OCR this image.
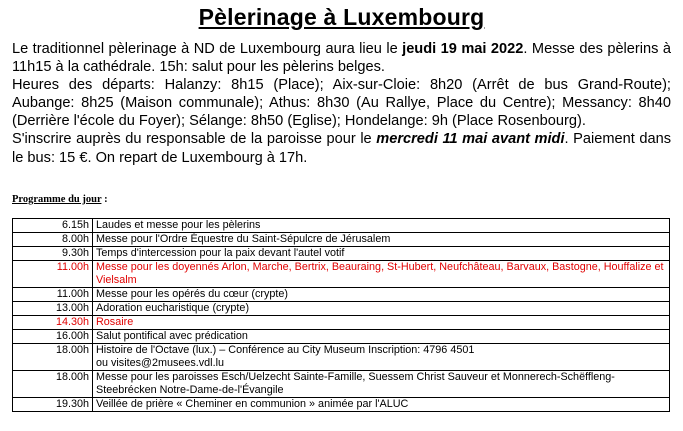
Pèlerinage à Luxembourg

Le traditionnel pèlerinage à ND de Luxembourg aura lieu le jeudi 19 mai 2022. Messe des pèlerins à 11h15 à la cathédrale. 15h: salut pour les pèlerins belges.

Heures des départs: Halanzy: 8h15 (Place); Aix-sur-Cloie: 8h20 (Arrêt de bus Grand-Route); Aubange: 8h25 (Maison communale); Athus: 8h30 (Au Rallye, Place du Centre); Messancy: 8h40 (Derrière l'école du Foyer); Sélange: 8h50 (Eglise); Hondelange: 9h (Place Rosenbourg).

S'inscrire auprès du responsable de la paroisse pour le mercredi 11 mai avant midi. Paiement dans le bus: 15 €. On repart de Luxembourg à 17h.

Programme du jour :
6.15h	Laudes et messe pour les pèlerins
8.00h	Messe pour l'Ordre Équestre du Saint-Sépulcre de Jérusalem
9.30h	Temps d'intercession pour la paix devant l'autel votif
11.00h	Messe pour les doyennés Arlon, Marche, Bertrix, Beauraing, St-Hubert, Neufchâteau, Barvaux, Bastogne, Houffalize et Vielsalm
11.00h	Messe pour les opérés du cœur (crypte)
13.00h	Adoration eucharistique (crypte)
14.30h	Rosaire
16.00h	Salut pontifical avec prédication
18.00h	Histoire de l'Octave (lux.) – Conférence au City Museum Inscription: 4796 4501
ou visites@2musees.vdl.lu
18.00h	Messe pour les paroisses Esch/Uelzecht Sainte-Famille, Suessem Christ Sauveur et Monnerech-Schëffleng-Steebrécken Notre-Dame-de-l'Évangile
19.30h	Veillée de prière « Cheminer en communion » animée par l'ALUC
